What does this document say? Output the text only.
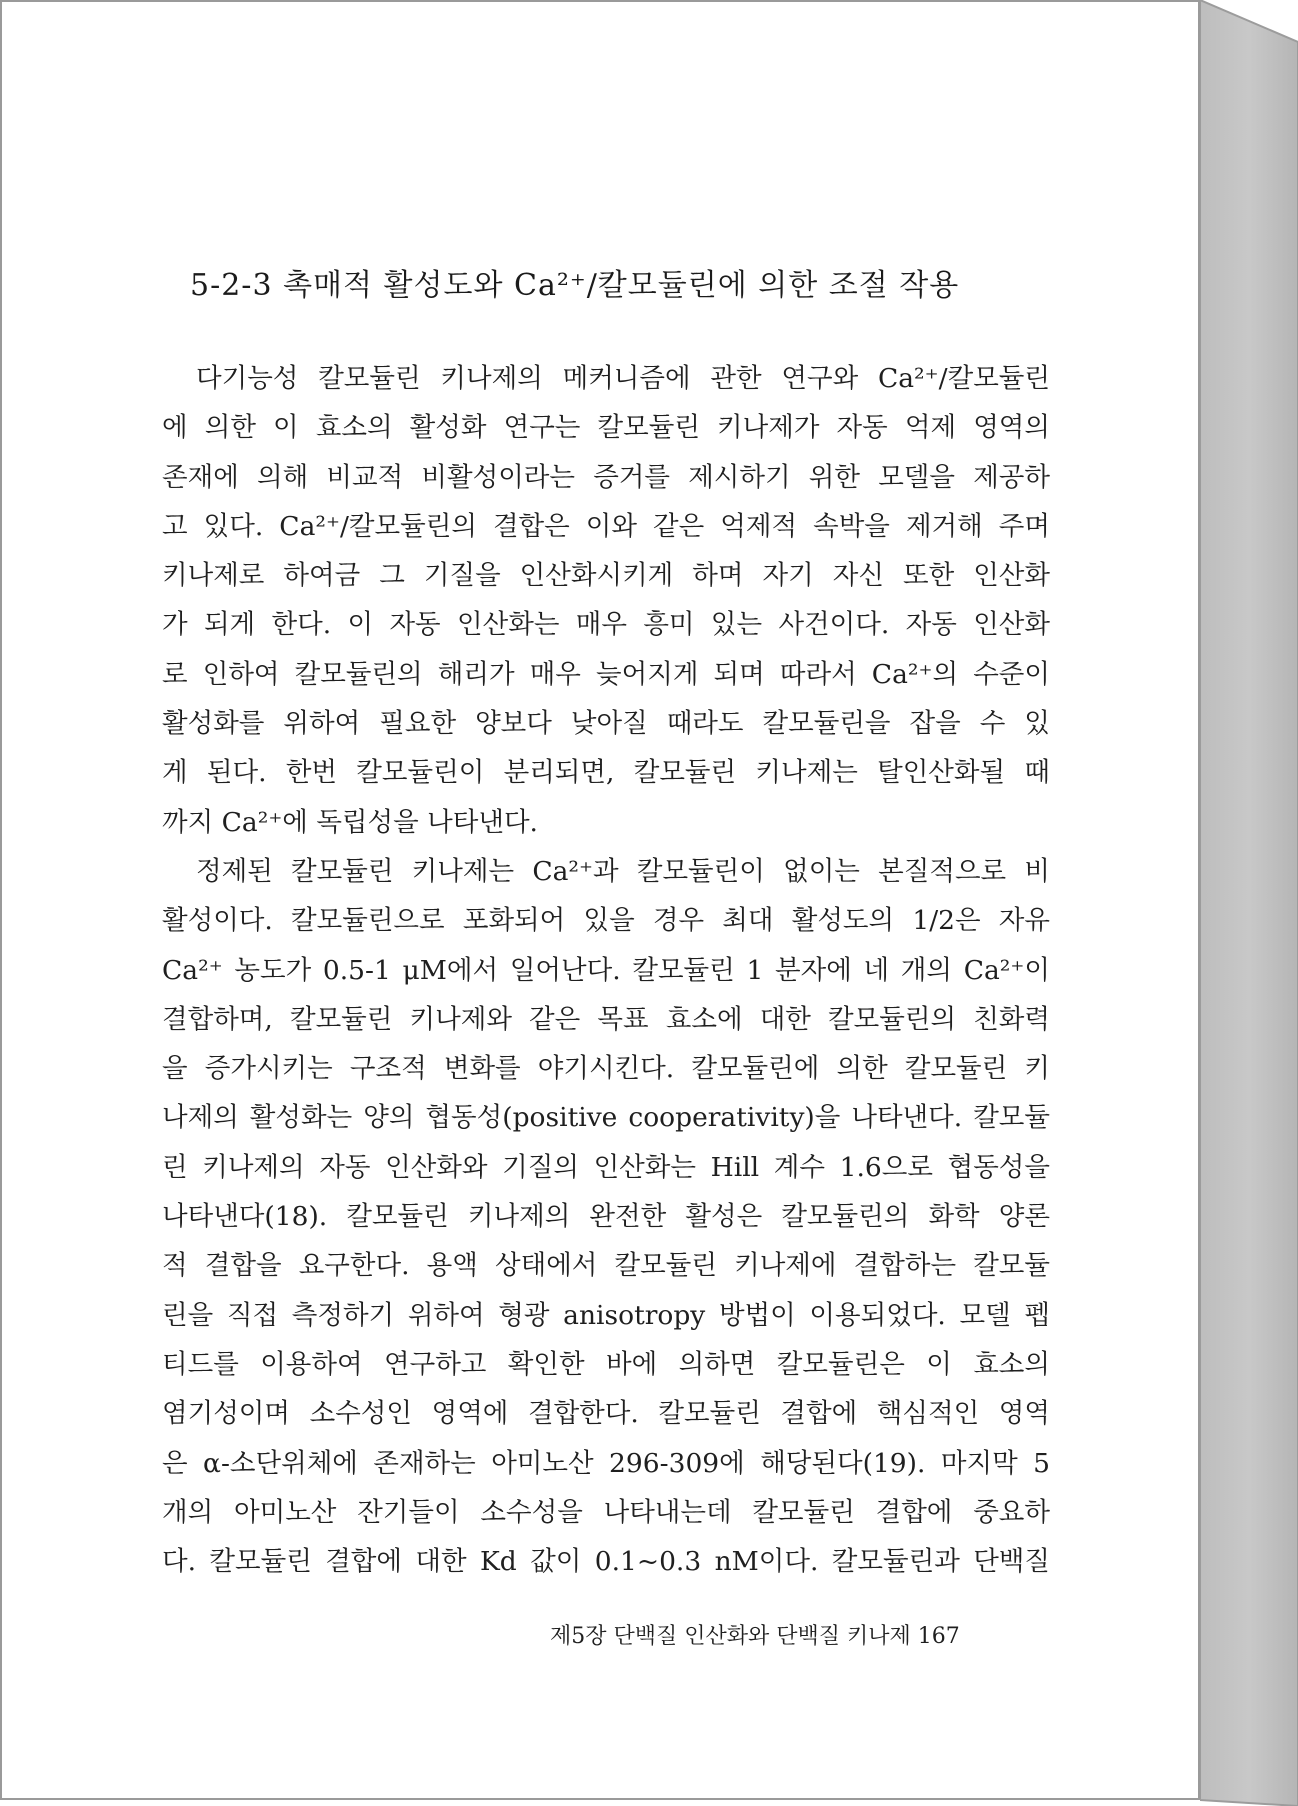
5-2-3 촉매적 활성도와 Ca²⁺/칼모듈린에 의한 조절 작용
다기능성 칼모듈린 키나제의 메커니즘에 관한 연구와 Ca²⁺/칼모듈린
에 의한 이 효소의 활성화 연구는 칼모듈린 키나제가 자동 억제 영역의
존재에 의해 비교적 비활성이라는 증거를 제시하기 위한 모델을 제공하
고 있다. Ca²⁺/칼모듈린의 결합은 이와 같은 억제적 속박을 제거해 주며
키나제로 하여금 그 기질을 인산화시키게 하며 자기 자신 또한 인산화
가 되게 한다. 이 자동 인산화는 매우 흥미 있는 사건이다. 자동 인산화
로 인하여 칼모듈린의 해리가 매우 늦어지게 되며 따라서 Ca²⁺의 수준이
활성화를 위하여 필요한 양보다 낮아질 때라도 칼모듈린을 잡을 수 있
게 된다. 한번 칼모듈린이 분리되면, 칼모듈린 키나제는 탈인산화될 때
까지 Ca²⁺에 독립성을 나타낸다.
정제된 칼모듈린 키나제는 Ca²⁺과 칼모듈린이 없이는 본질적으로 비
활성이다. 칼모듈린으로 포화되어 있을 경우 최대 활성도의 1/2은 자유
Ca²⁺ 농도가 0.5-1 μM에서 일어난다. 칼모듈린 1 분자에 네 개의 Ca²⁺이
결합하며, 칼모듈린 키나제와 같은 목표 효소에 대한 칼모듈린의 친화력
을 증가시키는 구조적 변화를 야기시킨다. 칼모듈린에 의한 칼모듈린 키
나제의 활성화는 양의 협동성(positive cooperativity)을 나타낸다. 칼모듈
린 키나제의 자동 인산화와 기질의 인산화는 Hill 계수 1.6으로 협동성을
나타낸다(18). 칼모듈린 키나제의 완전한 활성은 칼모듈린의 화학 양론
적 결합을 요구한다. 용액 상태에서 칼모듈린 키나제에 결합하는 칼모듈
린을 직접 측정하기 위하여 형광 anisotropy 방법이 이용되었다. 모델 펩
티드를 이용하여 연구하고 확인한 바에 의하면 칼모듈린은 이 효소의
염기성이며 소수성인 영역에 결합한다. 칼모듈린 결합에 핵심적인 영역
은 α-소단위체에 존재하는 아미노산 296-309에 해당된다(19). 마지막 5
개의 아미노산 잔기들이 소수성을 나타내는데 칼모듈린 결합에 중요하
다. 칼모듈린 결합에 대한 Kd 값이 0.1~0.3 nM이다. 칼모듈린과 단백질
제5장 단백질 인산화와 단백질 키나제 167
